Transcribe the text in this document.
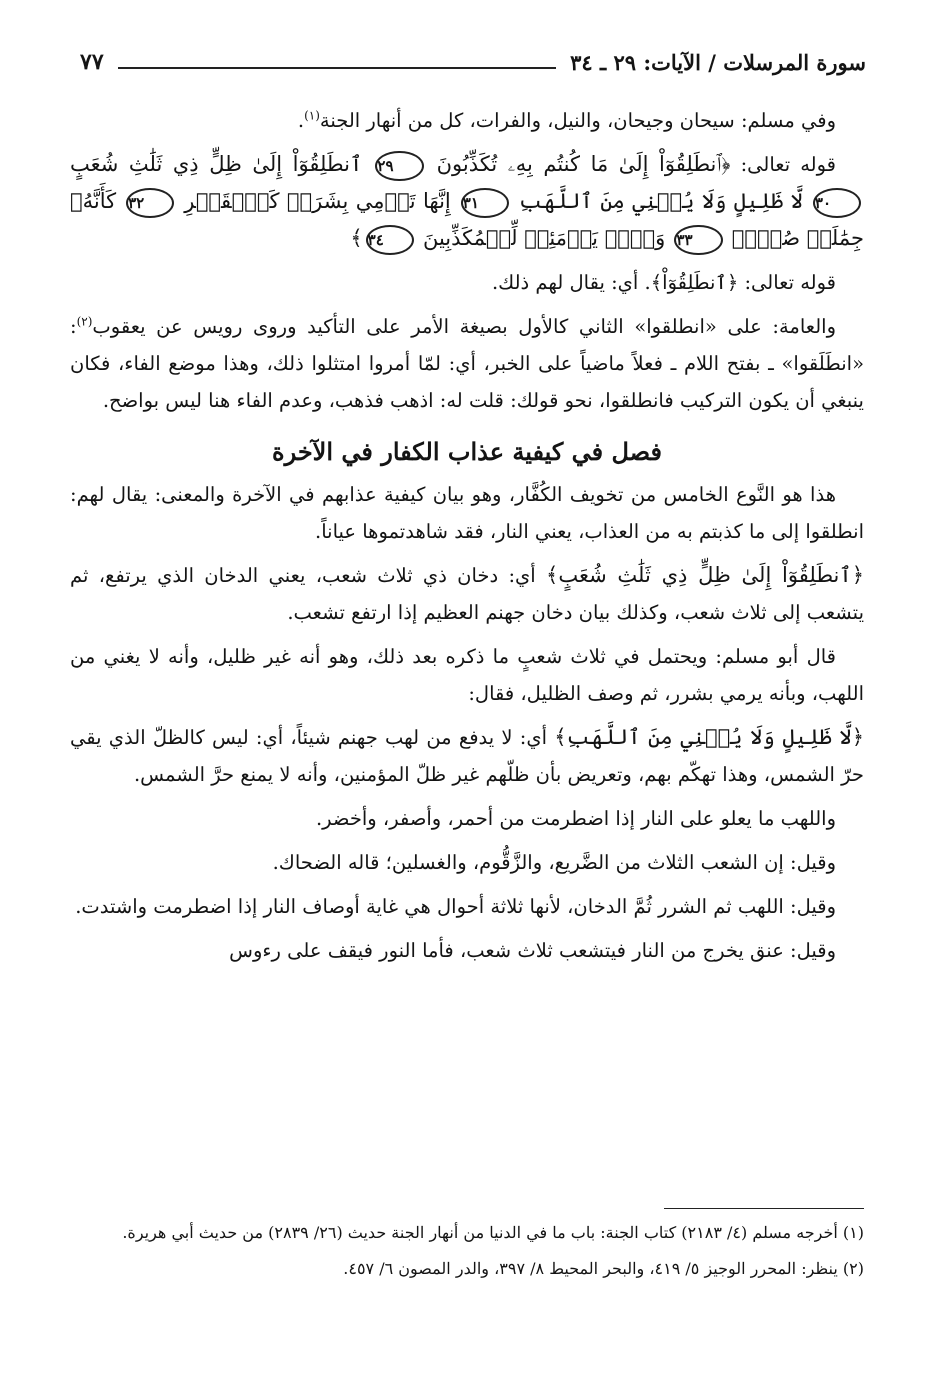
سورة المرسلات / الآيات: ٢٩ ـ ٣٤
٧٧

وفي مسلم: سيحان وجيحان، والنيل، والفرات، كل من أنهار الجنة$^{(١)}$.

قوله تعالى: ﴿ٱنطَلِقُوٓاْ إِلَىٰ مَا كُنتُم بِهِۦ تُكَذِّبُونَ ٢٩ ٱنطَلِقُوٓاْ إِلَىٰ ظِلٍّ ذِي ثَلَٰثِ شُعَبٍ ٣٠ لَّا ظَلِيلٍ وَلَا يُغۡنِي مِنَ ٱللَّهَبِ ٣١ إِنَّهَا تَرۡمِي بِشَرَرٖ كَٱلۡقَصۡرِ ٣٢ كَأَنَّهُۥ جِمَٰلَتٞ صُفۡرٞ ٣٣ وَيۡلٞ يَوۡمَئِذٖ لِّلۡمُكَذِّبِينَ ٣٤﴾

قوله تعالى: ﴿ٱنطَلِقُوٓاْ﴾. أي: يقال لهم ذلك.

والعامة: على «انطلقوا» الثاني كالأول بصيغة الأمر على التأكيد وروى رويس عن يعقوب$^{(٢)}$: «انطَلَقوا» ـ بفتح اللام ـ فعلاً ماضياً على الخبر، أي: لمّا أمروا امتثلوا ذلك، وهذا موضع الفاء، فكان ينبغي أن يكون التركيب فانطلقوا، نحو قولك: قلت له: اذهب فذهب، وعدم الفاء هنا ليس بواضح.

فصل في كيفية عذاب الكفار في الآخرة

هذا هو النَّوع الخامس من تخويف الكُفَّار، وهو بيان كيفية عذابهم في الآخرة والمعنى: يقال لهم: انطلقوا إلى ما كذبتم به من العذاب، يعني النار، فقد شاهدتموها عياناً.

﴿ٱنطَلِقُوٓاْ إِلَىٰ ظِلٍّ ذِي ثَلَٰثِ شُعَبٍ﴾ أي: دخان ذي ثلاث شعب، يعني الدخان الذي يرتفع، ثم يتشعب إلى ثلاث شعب، وكذلك بيان دخان جهنم العظيم إذا ارتفع تشعب.

قال أبو مسلم: ويحتمل في ثلاث شعبٍ ما ذكره بعد ذلك، وهو أنه غير ظليل، وأنه لا يغني من اللهب، وبأنه يرمي بشرر، ثم وصف الظليل، فقال:

﴿لَّا ظَلِيلٍ وَلَا يُغۡنِي مِنَ ٱللَّهَبِ﴾ أي: لا يدفع من لهب جهنم شيئاً، أي: ليس كالظلّ الذي يقي حرّ الشمس، وهذا تهكّم بهم، وتعريض بأن ظلّهم غير ظلّ المؤمنين، وأنه لا يمنع حرَّ الشمس.

واللهب ما يعلو على النار إذا اضطرمت من أحمر، وأصفر، وأخضر.

وقيل: إن الشعب الثلاث من الضَّريع، والزَّقُّوم، والغسلين؛ قاله الضحاك.

وقيل: اللهب ثم الشرر ثُمَّ الدخان، لأنها ثلاثة أحوال هي غاية أوصاف النار إذا اضطرمت واشتدت.

وقيل: عنق يخرج من النار فيتشعب ثلاث شعب، فأما النور فيقف على رءوس

(١) أخرجه مسلم (٤/ ٢١٨٣) كتاب الجنة: باب ما في الدنيا من أنهار الجنة حديث (٢٦/ ٢٨٣٩) من حديث أبي هريرة.

(٢) ينظر: المحرر الوجيز ٥/ ٤١٩، والبحر المحيط ٨/ ٣٩٧، والدر المصون ٦/ ٤٥٧.
